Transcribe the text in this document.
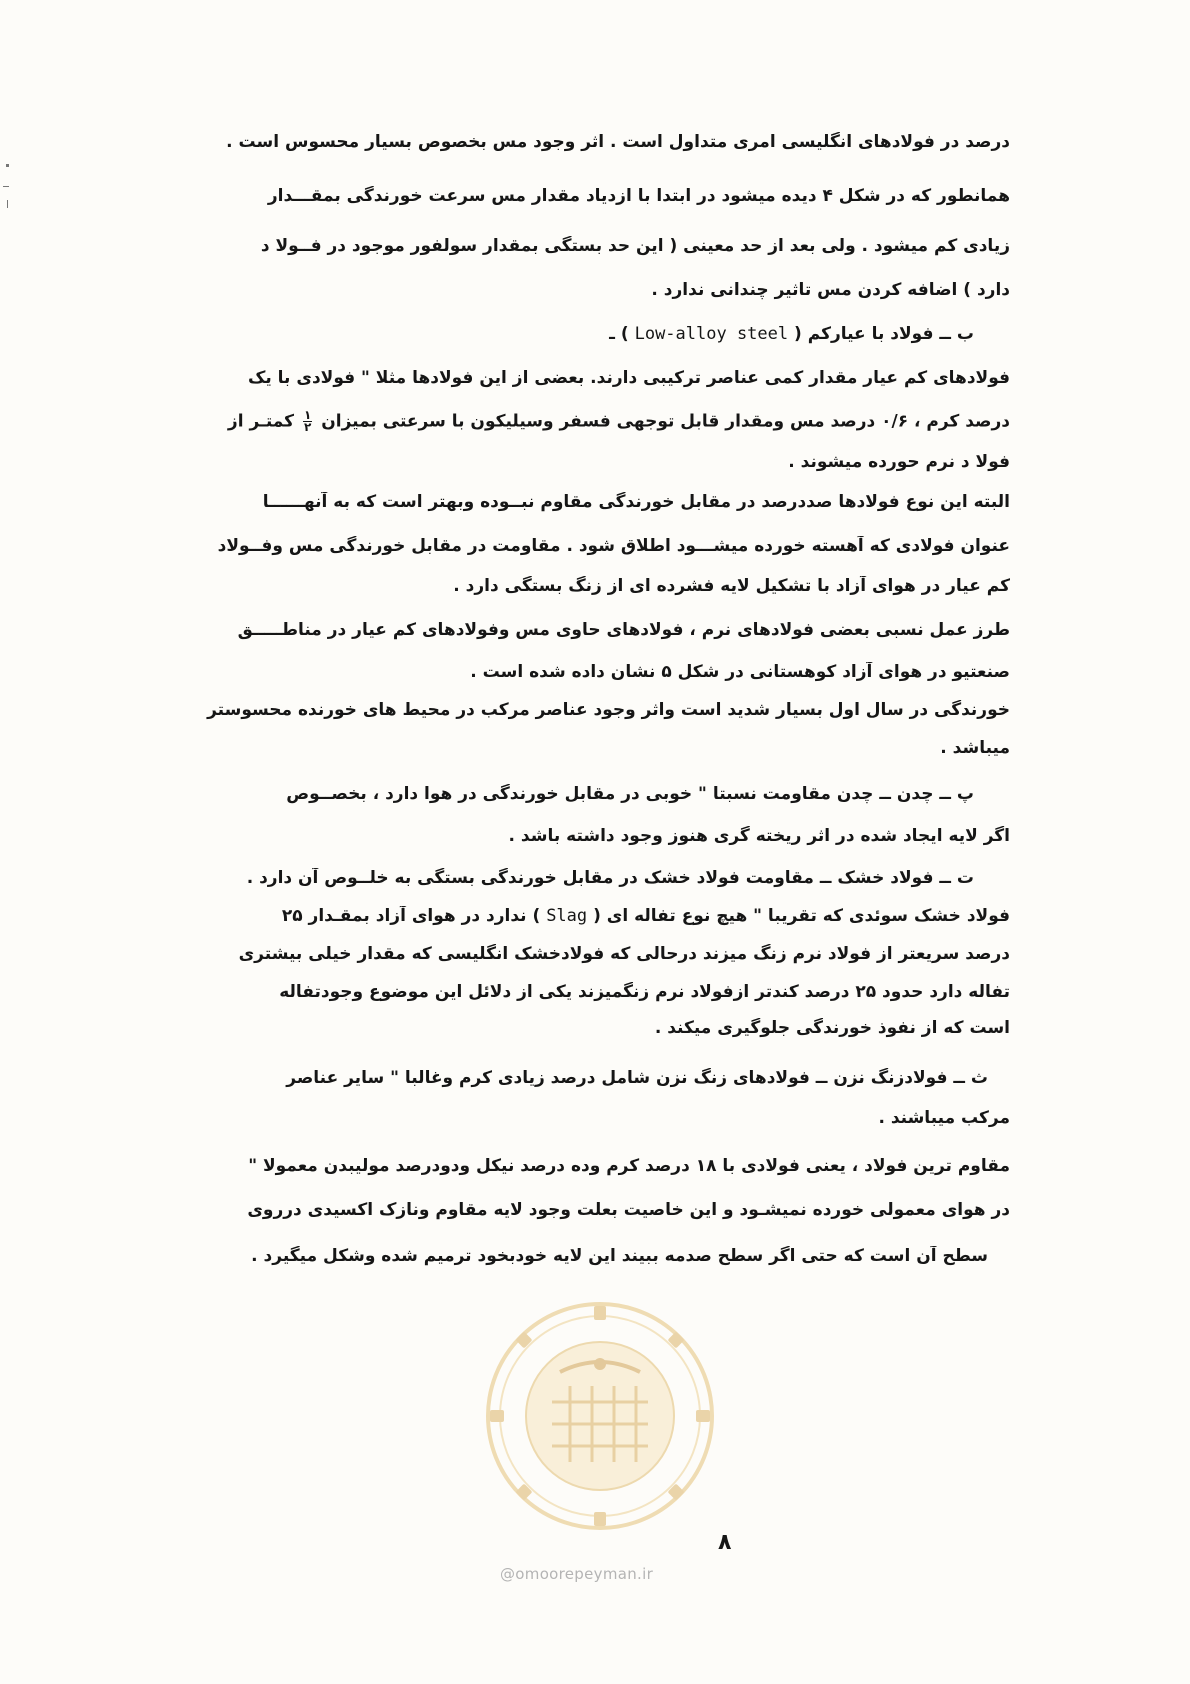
درصد در فولادهای انگلیسی امری متداول است . اثر وجود مس بخصوص بسیار محسوس است .
همانطور که در شکل ۴ دیده میشود در ابتدا با ازدیاد مقدار مس سرعت خورندگی بمقـــدار
زیادی کم میشود . ولی بعد از حد معینی ( این حد بستگی بمقدار سولفور موجود در فــولا د
دارد ) اضافه کردن مس تاثیر چندانی ندارد .
ب ــ فولاد با عیارکم ( Low-alloy steel ) ـ
فولادهای کم عیار مقدار کمی عناصر ترکیبی دارند. بعضی از این فولادها مثلا " فولادی با یک
درصد کرم ، ۰/۶ درصد مس ومقدار قابل توجهی فسفر وسیلیکون با سرعتی بمیزان
$\frac{۱}{۲}$
کمتـر از
فولا د نرم حورده میشوند .
البته این نوع فولادها صددرصد در مقابل خورندگی مقاوم نبــوده وبهتر است که به آنهــــــا
عنوان فولادی که آهسته خورده میشـــود اطلاق شود . مقاومت در مقابل خورندگی مس وفــولاد
کم عیار در هوای آزاد با تشکیل لایه فشرده ای از زنگ بستگی دارد .
طرز عمل نسبی بعضی فولادهای نرم ، فولادهای حاوی مس وفولادهای کم عیار در مناطـــــق
صنعتیو در هوای آزاد کوهستانی در شکل ۵ نشان داده شده است .
خورندگی در سال اول بسیار شدید است واثر وجود عناصر مرکب در محیط های خورنده محسوستر
میباشد .
پ ــ چدن ــ چدن مقاومت نسبتا " خوبی در مقابل خورندگی در هوا دارد ، بخصــوص
اگر لایه ایجاد شده در اثر ریخته گری هنوز وجود داشته باشد .
ت ــ فولاد خشک ــ مقاومت فولاد خشک در مقابل خورندگی بستگی به خلــوص آن دارد .
فولاد خشک سوئدی که تقریبا " هیچ نوع تفاله ای ( Slag ) ندارد در هوای آزاد بمقـدار ۲۵
درصد سریعتر از فولاد نرم زنگ میزند درحالی که فولادخشک انگلیسی که مقدار خیلی بیشتری
تفاله دارد حدود ۲۵ درصد کندتر ازفولاد نرم زنگمیزند یکی از دلائل این موضوع وجودتفاله
است که از نفوذ خورندگی جلوگیری میکند .
ث ــ فولادزنگ نزن ــ فولادهای زنگ نزن شامل درصد زیادی کرم وغالبا " سایر عناصر
مرکب میباشند .
مقاوم ترین فولاد ، یعنی فولادی با ۱۸ درصد کرم وده درصد نیکل ودودرصد مولیبدن معمولا "
در هوای معمولی خورده نمیشـود و این خاصیت بعلت وجود لایه مقاوم ونازک اکسیدی درروی
سطح آن است که حتی اگر سطح صدمه ببیند این لایه خودبخود ترمیم شده وشکل میگیرد .
۸
@omoorepeyman.ir
